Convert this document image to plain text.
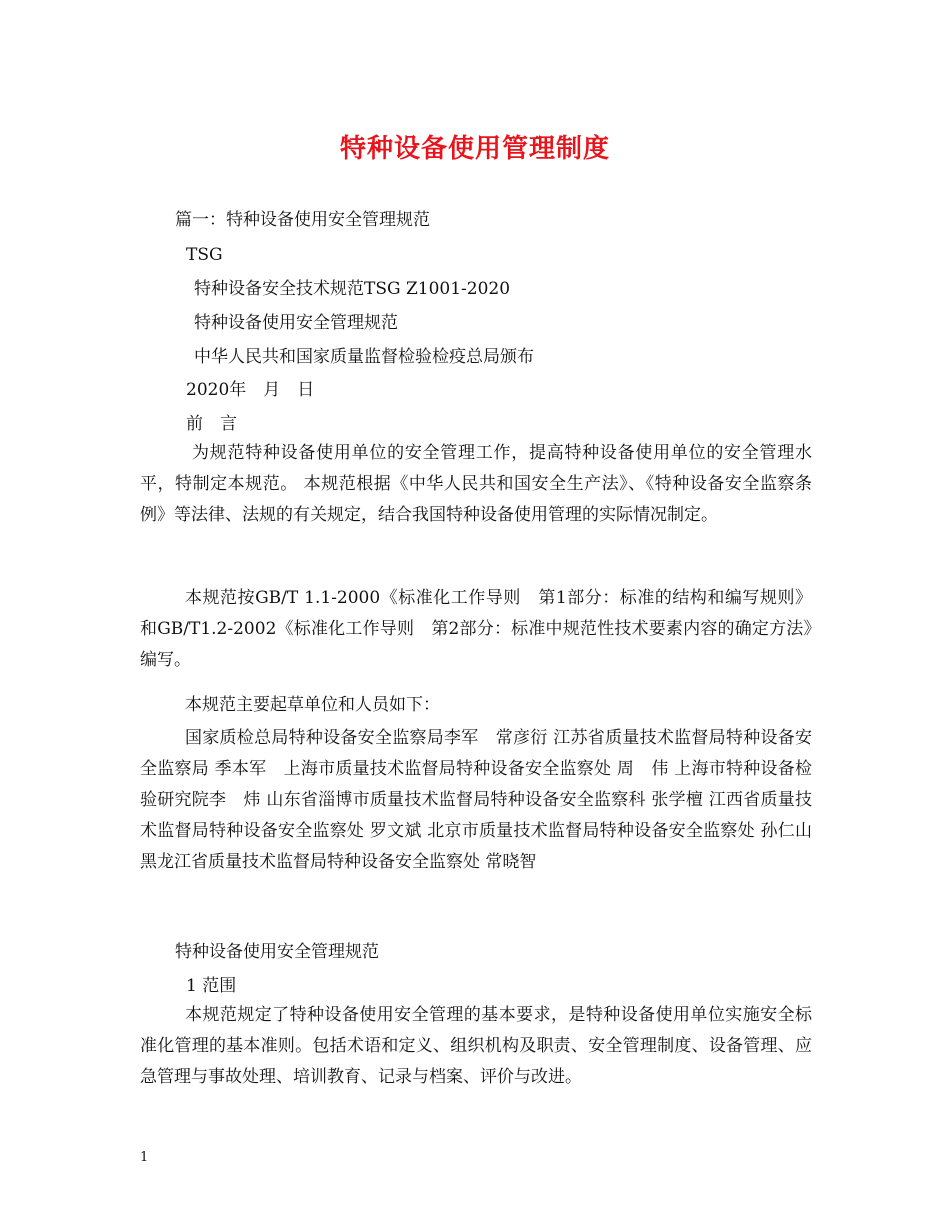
特种设备使用管理制度
篇一：特种设备使用安全管理规范
TSG
特种设备安全技术规范TSG Z1001-2020
特种设备使用安全管理规范
中华人民共和国家质量监督检验检疫总局颁布
2020年　月　日
前　言
为规范特种设备使用单位的安全管理工作，提高特种设备使用单位的安全管理水平，特制定本规范。 本规范根据《中华人民共和国安全生产法》、《特种设备安全监察条例》等法律、法规的有关规定，结合我国特种设备使用管理的实际情况制定。
本规范按GB/T 1.1-2000《标准化工作导则　第1部分：标准的结构和编写规则》和GB/T1.2-2002《标准化工作导则　第2部分：标准中规范性技术要素内容的确定方法》编写。
本规范主要起草单位和人员如下：
国家质检总局特种设备安全监察局李军　常彦衍 江苏省质量技术监督局特种设备安全监察局 季本军　上海市质量技术监督局特种设备安全监察处 周　伟 上海市特种设备检验研究院李　炜 山东省淄博市质量技术监督局特种设备安全监察科 张学檀 江西省质量技术监督局特种设备安全监察处 罗文斌 北京市质量技术监督局特种设备安全监察处 孙仁山 黑龙江省质量技术监督局特种设备安全监察处 常晓智
特种设备使用安全管理规范
1 范围
本规范规定了特种设备使用安全管理的基本要求，是特种设备使用单位实施安全标准化管理的基本准则。包括术语和定义、组织机构及职责、安全管理制度、设备管理、应急管理与事故处理、培训教育、记录与档案、评价与改进。
1
